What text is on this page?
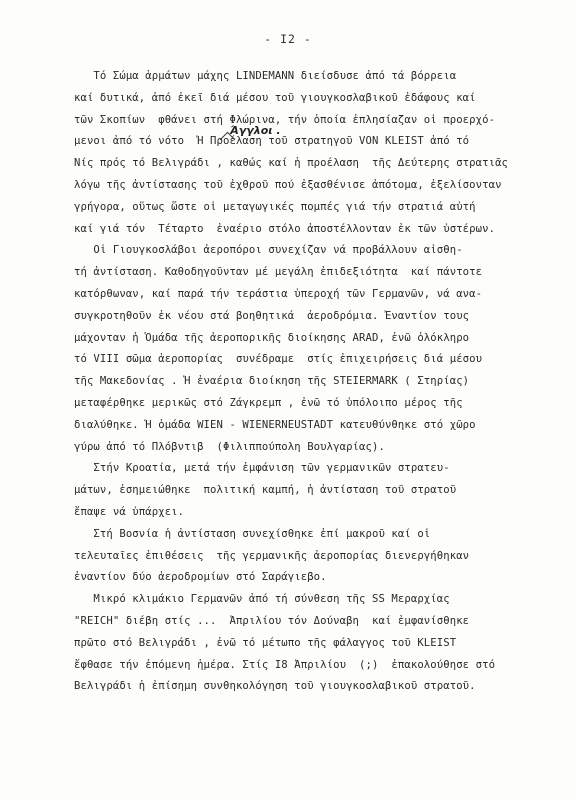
- I2 -
Άγγλοι .
Τό Σώμα ἁρμάτων μάχης LINDEMANN διείσδυσε ἀπό τά βόρρεια
καί δυτικά, ἀπό ἐκεῖ διά μέσου τοῦ γιουγκοσλαβικοῦ ἐδάφους καί
τῶν Σκοπίων  φθάνει στή Φλώρινα, τήν ὁποία ἐπλησίαζαν οἱ προερχό-
μενοι ἀπό τό νότο  Ἡ Προέλαση τοῦ στρατηγοῦ VON KLEIST ἀπό τό
Νίς πρός τό Βελιγράδι , καθώς καί ἡ προέλαση  τῆς Δεύτερης στρατιᾶς
λόγω τῆς ἀντίστασης τοῦ ἐχθροῦ πού ἐξασθένισε ἀπότομα, ἐξελίσονταν
γρήγορα, οὕτως ὥστε οἱ μεταγωγικές πομπές γιά τήν στρατιά αὐτή
καί γιά τόν  Τέταρτο  ἐναέριο στόλο ἀποστέλλονταν ἐκ τῶν ὑστέρων.
Οἱ Γιουγκοσλάβοι ἀεροπόροι συνεχίζαν νά προβάλλουν αἰσθη-
τή ἀντίσταση. Καθοδηγοῦνταν μέ μεγάλη ἐπιδεξιότητα  καί πάντοτε
κατόρθωναν, καί παρά τήν τεράστια ὑπεροχή τῶν Γερμανῶν, νά ανα-
συγκροτηθοῦν ἐκ νέου στά βοηθητικά  ἀεροδρόμια. Ἐναντίον τους
μάχονταν ἡ Ὁμάδα τῆς ἀεροπορικῆς διοίκησης ARAD, ἐνῶ ὁλόκληρο
τό VIII σῶμα ἀεροπορίας  συνέδραμε  στίς ἐπιχειρήσεις διά μέσου
τῆς Μακεδονίας . Ἡ ἐναέρια διοίκηση τῆς STEIERMARK ( Στηρίας)
μεταφέρθηκε μερικῶς στό Ζάγκρεμπ , ἐνῶ τό ὑπόλοιπο μέρος τῆς
διαλύθηκε. Ἡ ὁμάδα WIEN - WIENERNEUSTADT κατευθύνθηκε στό χῶρο
γύρω ἀπό τό Πλόβντιβ  (Φιλιππούπολη Βουλγαρίας).
Στήν Κροατία, μετά τήν ἐμφάνιση τῶν γερμανικῶν στρατευ-
μάτων, ἐσημειώθηκε  πολιτική καμπή, ἡ ἀντίσταση τοῦ στρατοῦ
ἔπαψε νά ὑπάρχει.
Στή Βοσνία ἡ ἀντίσταση συνεχίσθηκε ἐπί μακροῦ καί οἱ
τελευταῖες ἐπιθέσεις  τῆς γερμανικῆς ἀεροπορίας διενεργήθηκαν
ἐναντίον δύο ἀεροδρομίων στό Σαράγιεβο.
Μικρό κλιμάκιο Γερμανῶν ἀπό τή σύνθεση τῆς SS Μεραρχίας
"REICH" διέβη στίς ...  Ἀπριλίου τόν Δούναβη  καί ἐμφανίσθηκε
πρῶτο στό Βελιγράδι , ἐνῶ τό μέτωπο τῆς φάλαγγος τοῦ KLEIST
ἔφθασε τήν ἐπόμενη ἡμέρα. Στίς I8 Ἀπριλίου  (;)  ἐπακολούθησε στό
Βελιγράδι ἡ ἐπίσημη συνθηκολόγηση τοῦ γιουγκοσλαβικοῦ στρατοῦ.
